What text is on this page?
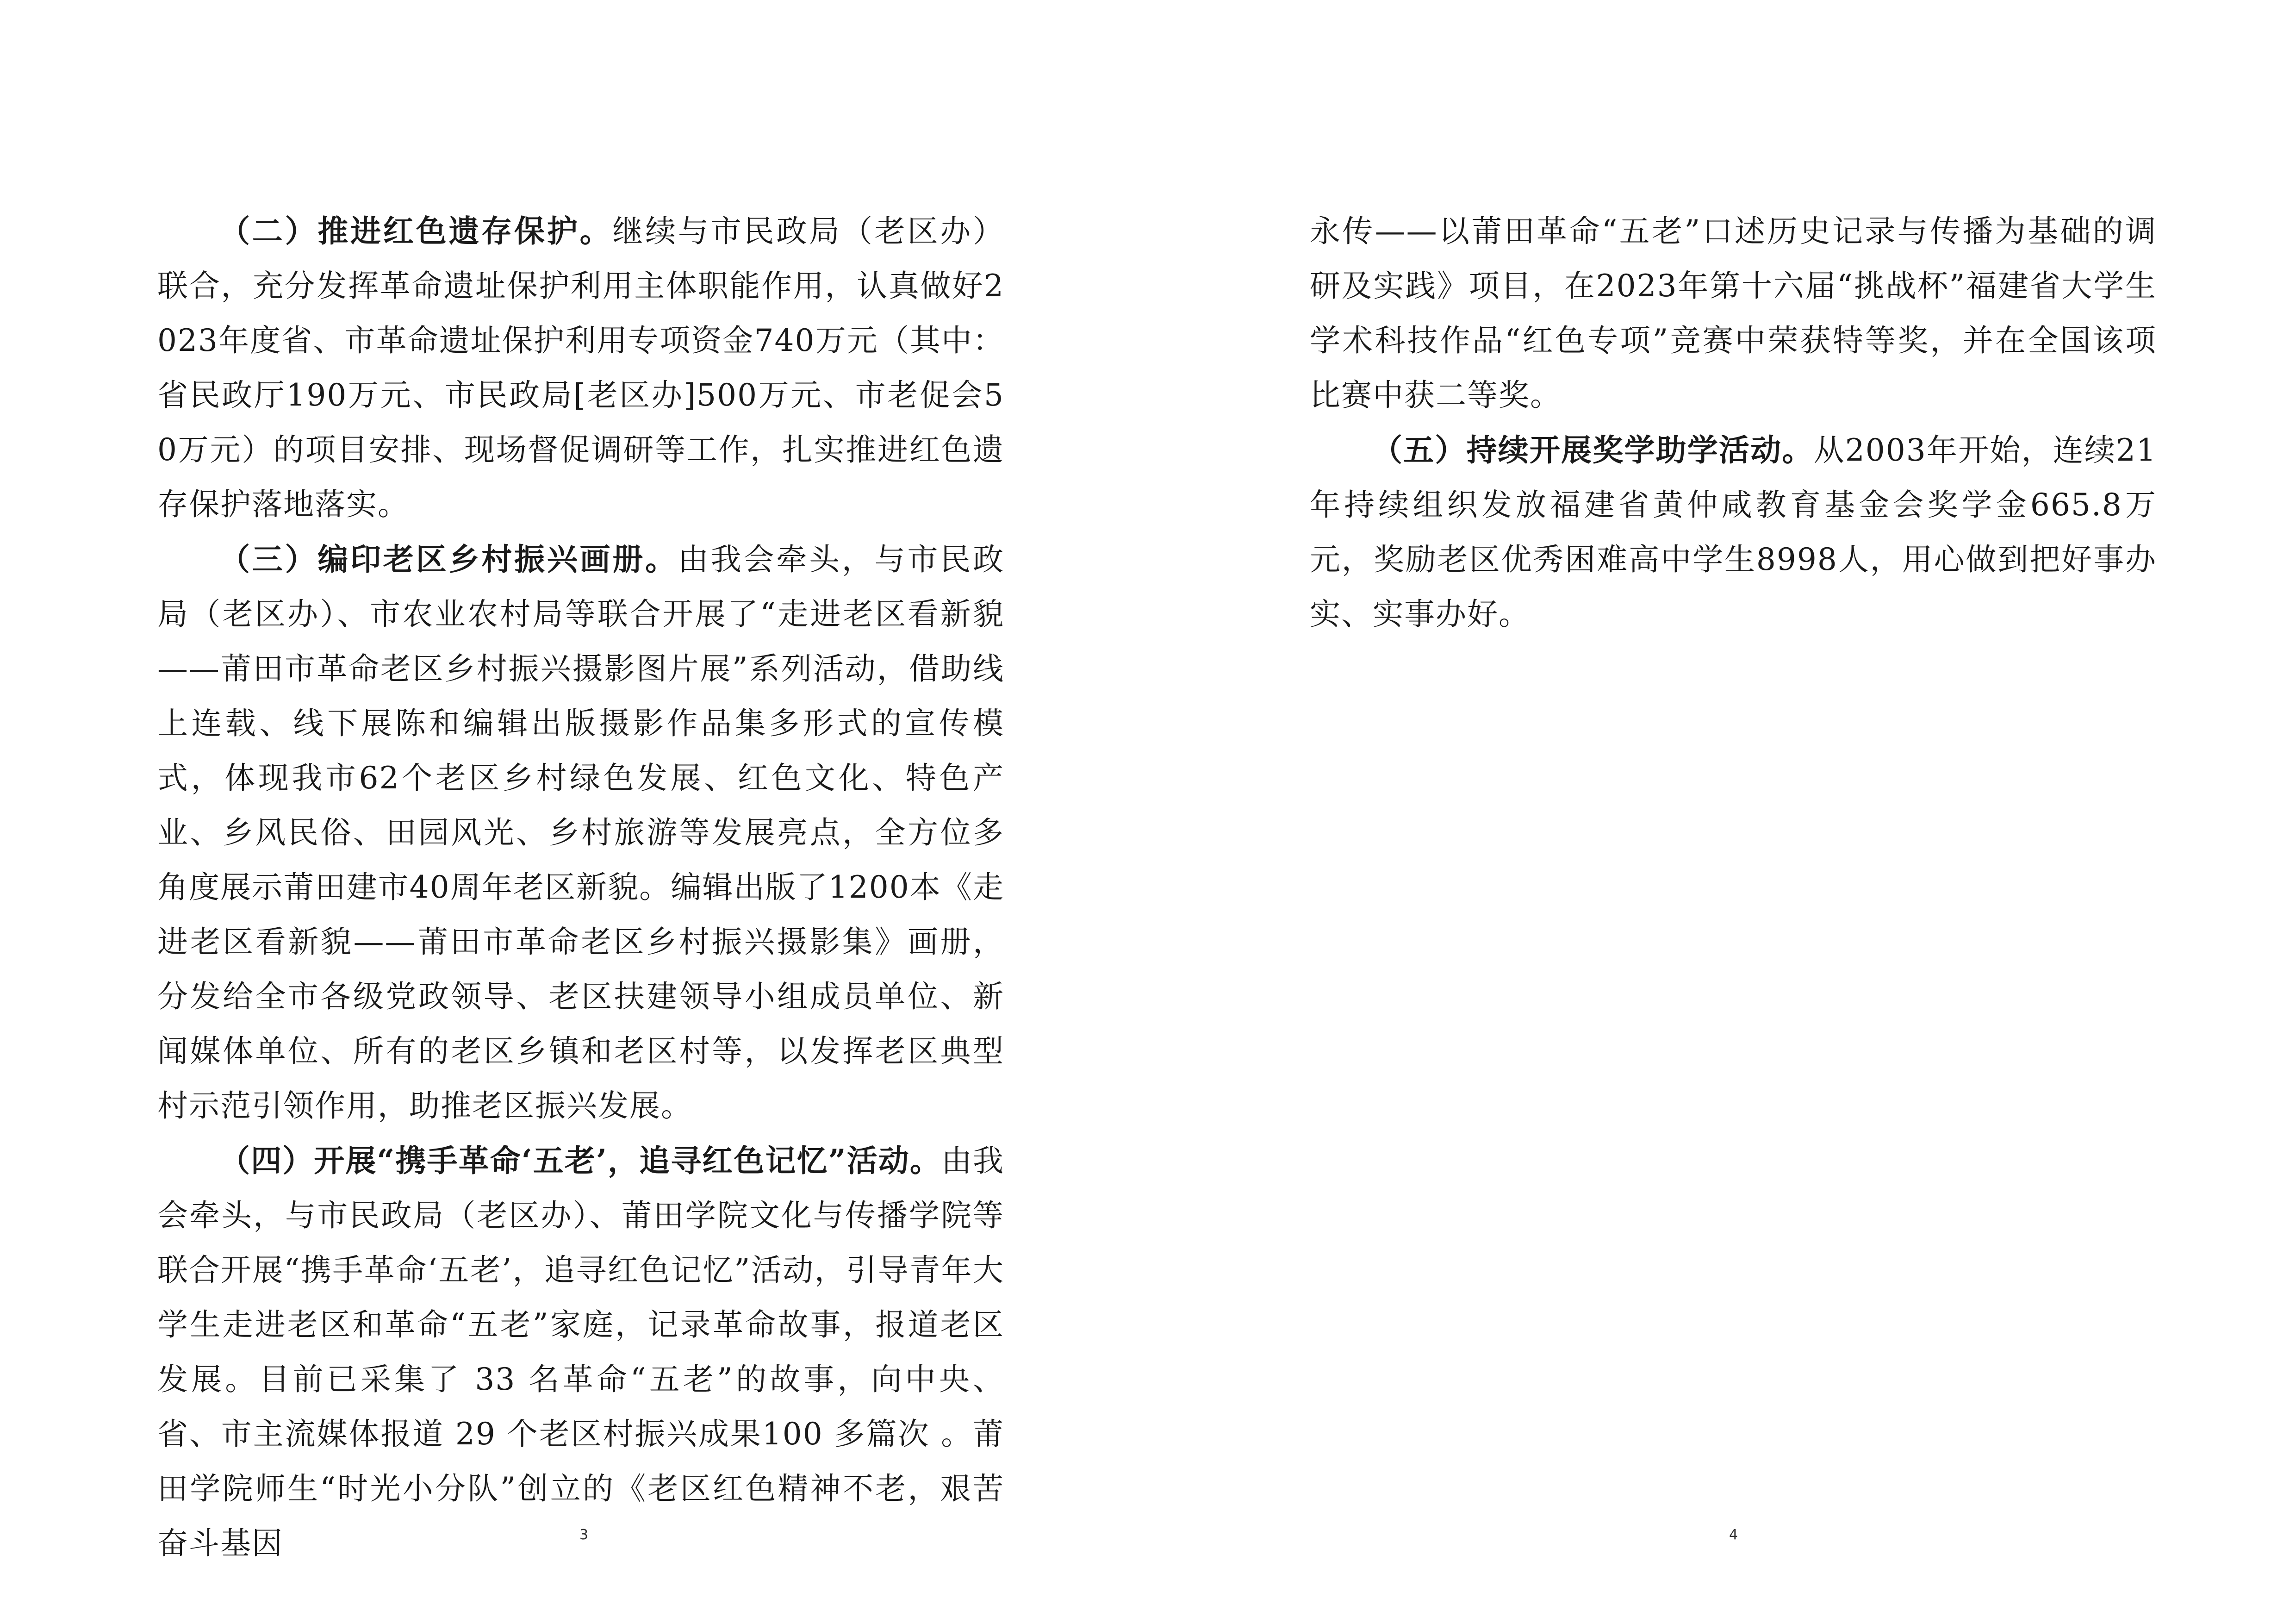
（二）推进红色遗存保护。继续与市民政局（老区办）联合，充分发挥革命遗址保护利用主体职能作用，认真做好2023年度省、市革命遗址保护利用专项资金740万元（其中：省民政厅190万元、市民政局[老区办]500万元、市老促会50万元）的项目安排、现场督促调研等工作，扎实推进红色遗存保护落地落实。

（三）编印老区乡村振兴画册。由我会牵头，与市民政局（老区办）、市农业农村局等联合开展了“走进老区看新貌——莆田市革命老区乡村振兴摄影图片展”系列活动，借助线上连载、线下展陈和编辑出版摄影作品集多形式的宣传模式，体现我市62个老区乡村绿色发展、红色文化、特色产业、乡风民俗、田园风光、乡村旅游等发展亮点，全方位多角度展示莆田建市40周年老区新貌。编辑出版了1200本《走进老区看新貌——莆田市革命老区乡村振兴摄影集》画册，分发给全市各级党政领导、老区扶建领导小组成员单位、新闻媒体单位、所有的老区乡镇和老区村等，以发挥老区典型村示范引领作用，助推老区振兴发展。

（四）开展“携手革命‘五老’，追寻红色记忆”活动。由我会牵头，与市民政局（老区办）、莆田学院文化与传播学院等联合开展“携手革命‘五老’，追寻红色记忆”活动，引导青年大学生走进老区和革命“五老”家庭，记录革命故事，报道老区发展。目前已采集了 33 名革命“五老”的故事，向中央、省、市主流媒体报道 29 个老区村振兴成果100 多篇次 。莆田学院师生“时光小分队”创立的《老区红色精神不老，艰苦奋斗基因	3

永传——以莆田革命“五老”口述历史记录与传播为基础的调研及实践》项目，在2023年第十六届“挑战杯”福建省大学生学术科技作品“红色专项”竞赛中荣获特等奖，并在全国该项比赛中获二等奖。

（五）持续开展奖学助学活动。从2003年开始，连续21年持续组织发放福建省黄仲咸教育基金会奖学金665.8万元，奖励老区优秀困难高中学生8998人，用心做到把好事办实、实事办好。

4
